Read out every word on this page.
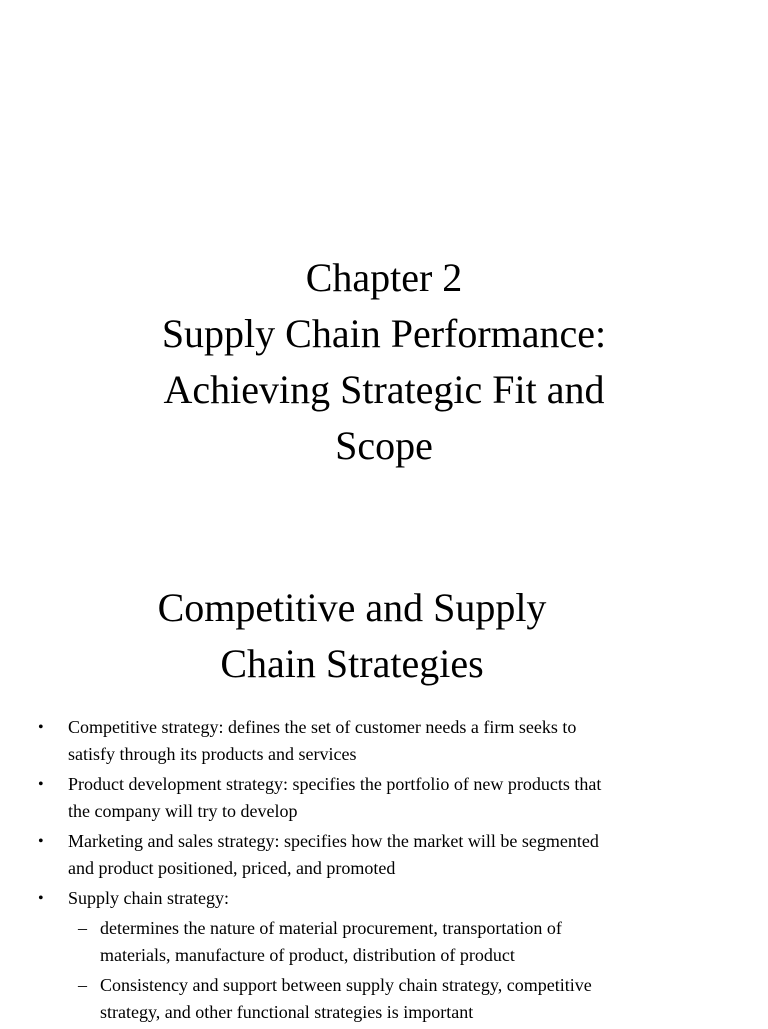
Chapter 2
Supply Chain Performance:
Achieving Strategic Fit and
Scope
Competitive and Supply
Chain Strategies
• Competitive strategy: defines the set of customer needs a firm seeks to
satisfy through its products and services
• Product development strategy: specifies the portfolio of new products that
the company will try to develop
• Marketing and sales strategy: specifies how the market will be segmented
and product positioned, priced, and promoted
• Supply chain strategy:
– determines the nature of material procurement, transportation of
materials, manufacture of product, distribution of product
– Consistency and support between supply chain strategy, competitive
strategy, and other functional strategies is important
